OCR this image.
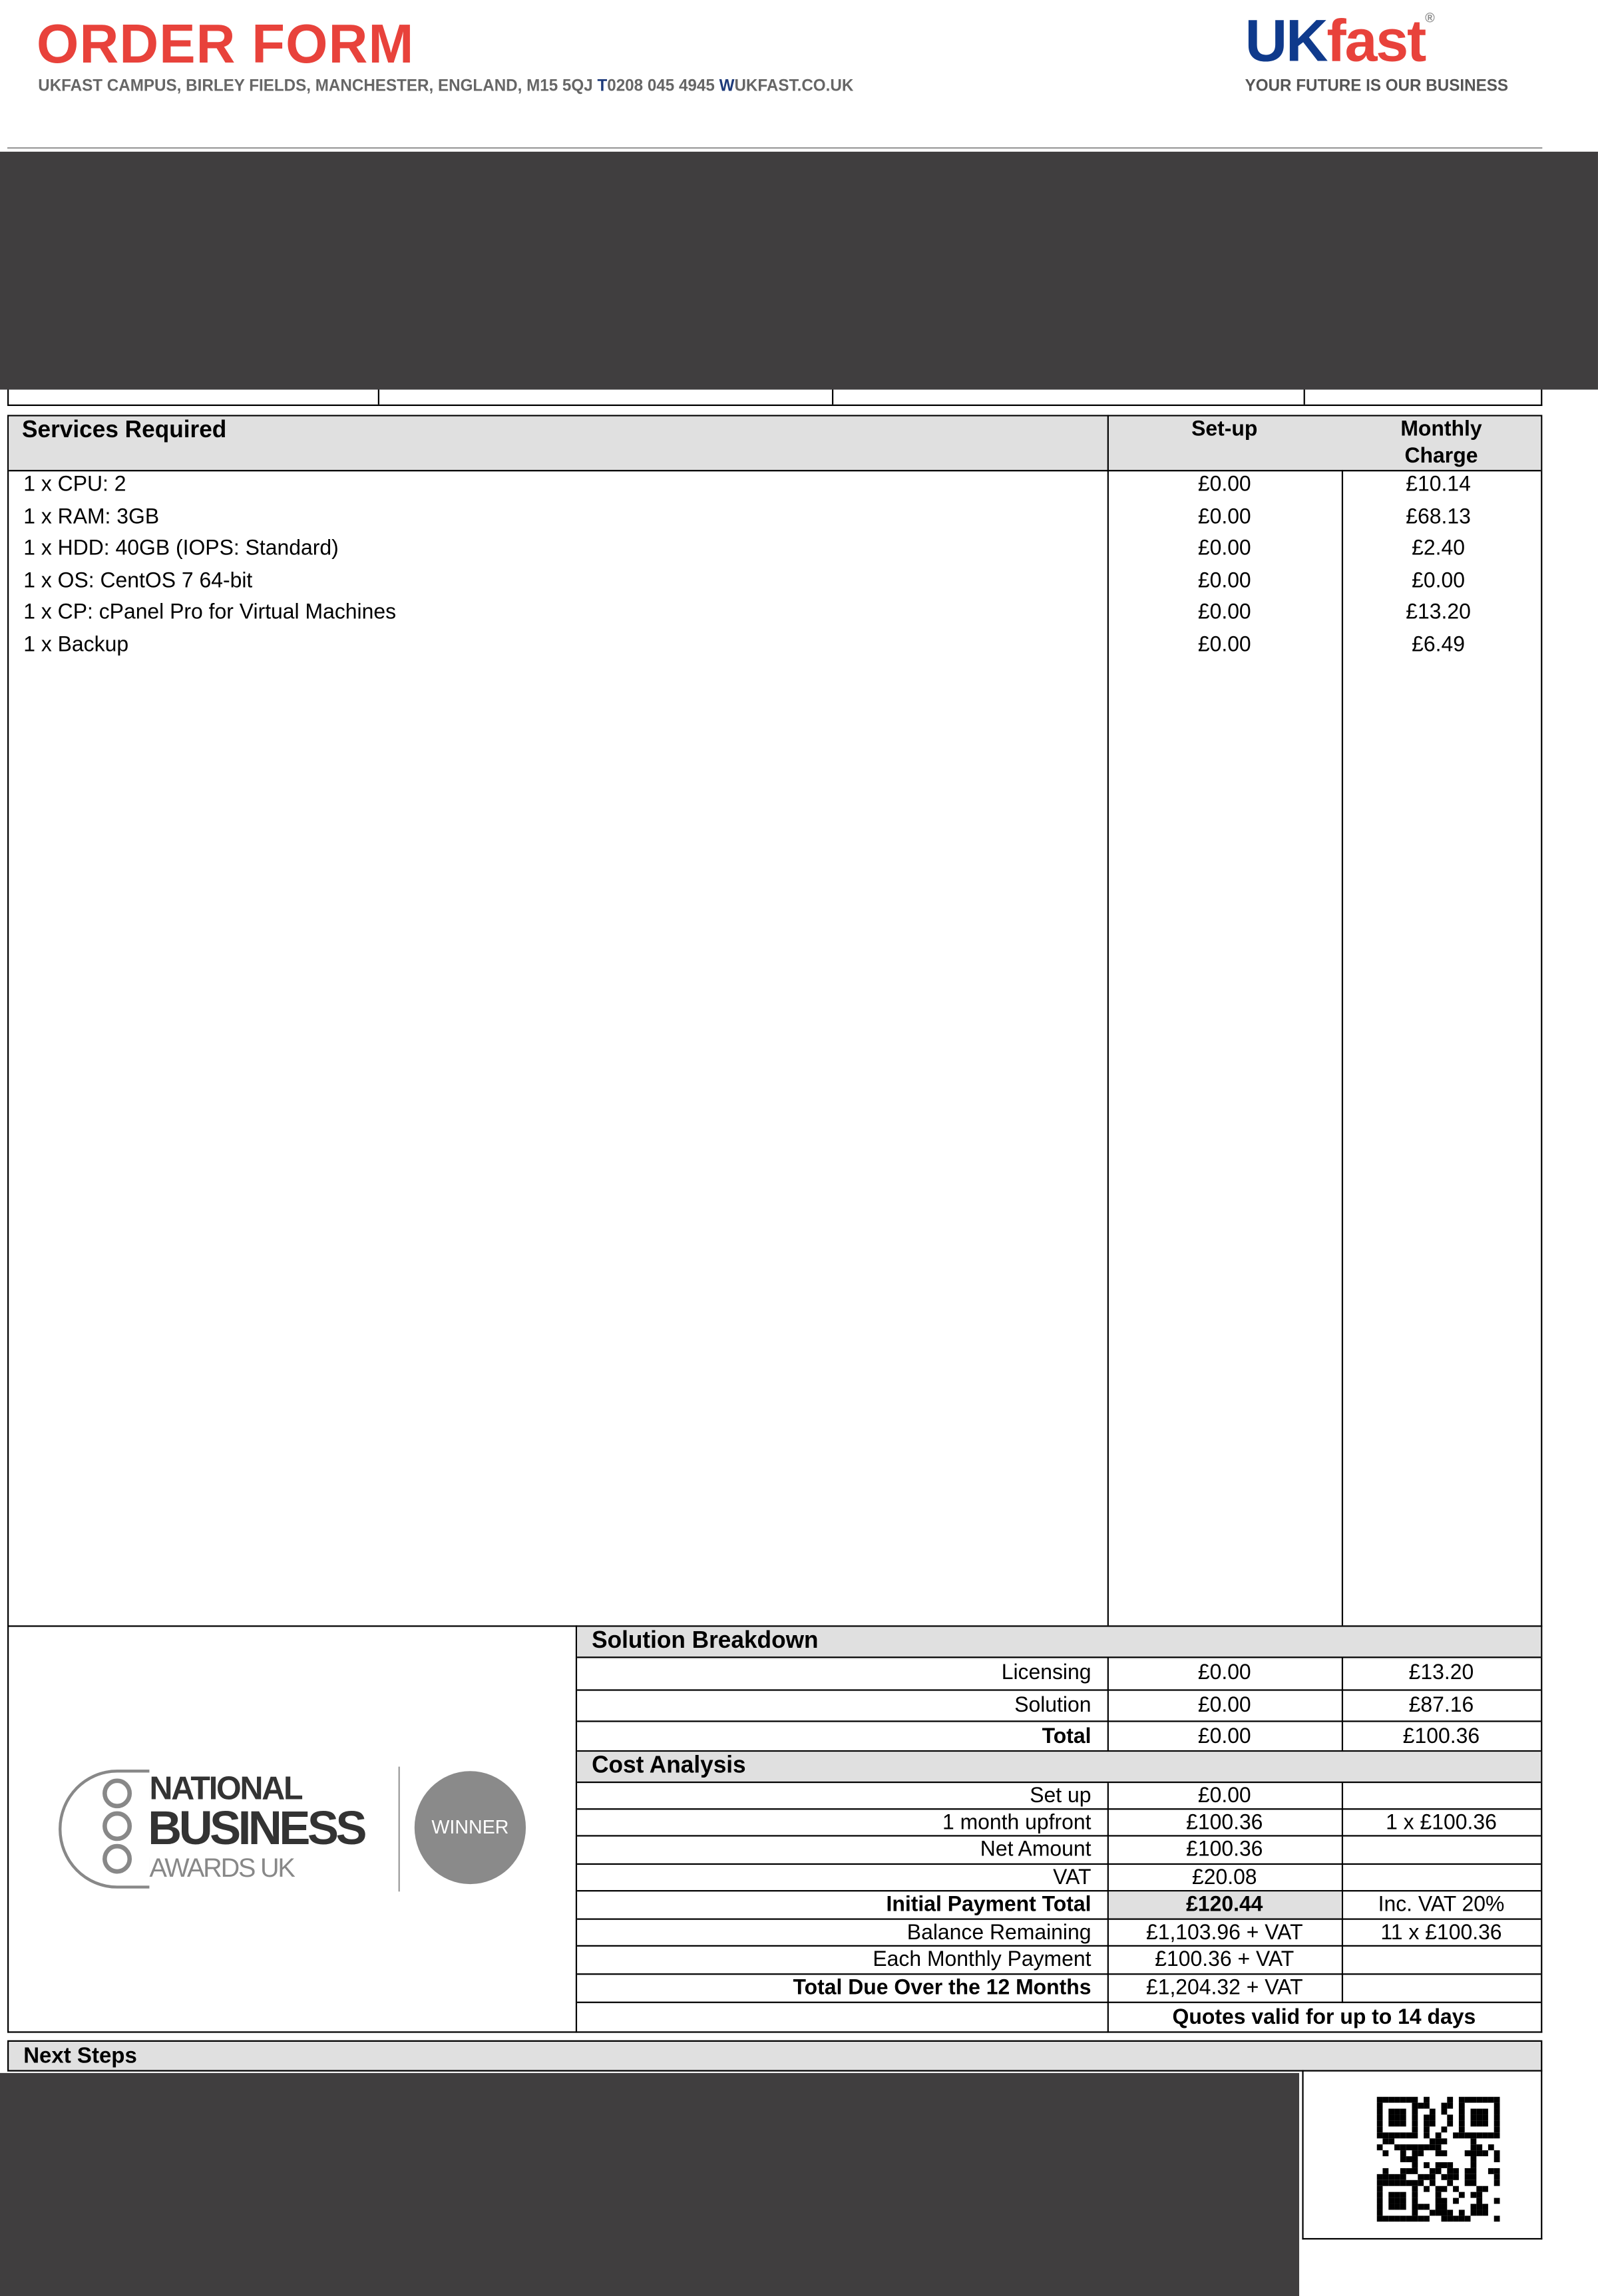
ORDER FORM
UKFAST CAMPUS, BIRLEY FIELDS, MANCHESTER, ENGLAND, M15 5QJ T0208 045 4945 WUKFAST.CO.UK
UKfast®
YOUR FUTURE IS OUR BUSINESS
Services Required	Set-up	Monthly Charge
NATIONAL
BUSINESS
AWARDS UK
WINNER
Next Steps
1 x CPU: 2	£0.00	£10.14
1 x RAM: 3GB	£0.00	£68.13
1 x HDD: 40GB (IOPS: Standard)	£0.00	£2.40
1 x OS: CentOS 7 64-bit	£0.00	£0.00
1 x CP: cPanel Pro for Virtual Machines	£0.00	£13.20
1 x Backup	£0.00	£6.49
Solution Breakdown
Licensing	£0.00	£13.20
Solution	£0.00	£87.16
Total	£0.00	£100.36
Cost Analysis
Set up	£0.00
1 month upfront	£100.36	1 x £100.36
Net Amount	£100.36
VAT	£20.08
Initial Payment Total	£120.44	Inc. VAT 20%
Balance Remaining	£1,103.96 + VAT	11 x £100.36
Each Monthly Payment	£100.36 + VAT
Total Due Over the 12 Months	£1,204.32 + VAT
Quotes valid for up to 14 days
